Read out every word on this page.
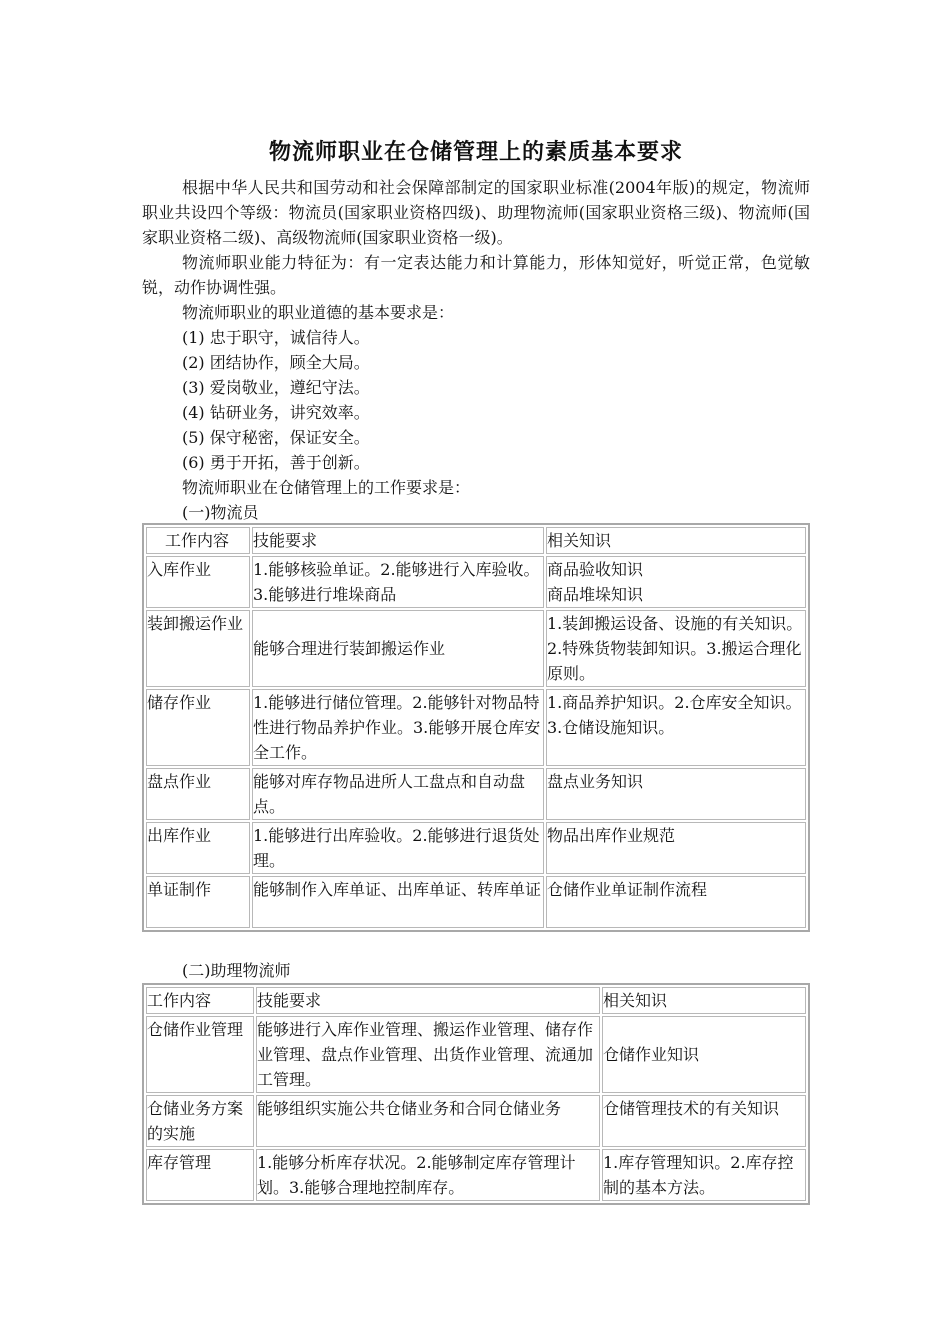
物流师职业在仓储管理上的素质基本要求

根据中华人民共和国劳动和社会保障部制定的国家职业标准(2004年版)的规定，物流师职业共设四个等级：物流员(国家职业资格四级)、助理物流师(国家职业资格三级)、物流师(国家职业资格二级)、高级物流师(国家职业资格一级)。

物流师职业能力特征为：有一定表达能力和计算能力，形体知觉好，听觉正常，色觉敏锐，动作协调性强。

物流师职业的职业道德的基本要求是：

(1) 忠于职守，诚信待人。

(2) 团结协作，顾全大局。

(3) 爱岗敬业，遵纪守法。

(4) 钻研业务，讲究效率。

(5) 保守秘密，保证安全。

(6) 勇于开拓，善于创新。

物流师职业在仓储管理上的工作要求是：

(一)物流员

工作内容	技能要求	相关知识
入库作业	1.能够核验单证。2.能够进行入库验收。3.能够进行堆垛商品	商品验收知识
商品堆垛知识
装卸搬运作业	能够合理进行装卸搬运作业	1.装卸搬运设备、设施的有关知识。2.特殊货物装卸知识。3.搬运合理化原则。
储存作业	1.能够进行储位管理。2.能够针对物品特性进行物品养护作业。3.能够开展仓库安全工作。	1.商品养护知识。2.仓库安全知识。3.仓储设施知识。
盘点作业	能够对库存物品进所人工盘点和自动盘点。	盘点业务知识
出库作业	1.能够进行出库验收。2.能够进行退货处理。	物品出库作业规范
单证制作	能够制作入库单证、出库单证、转库单证	仓储作业单证制作流程
(二)助理物流师
工作内容	技能要求	相关知识
仓储作业管理	能够进行入库作业管理、搬运作业管理、储存作业管理、盘点作业管理、出货作业管理、流通加工管理。	仓储作业知识
仓储业务方案的实施	能够组织实施公共仓储业务和合同仓储业务	仓储管理技术的有关知识
库存管理	1.能够分析库存状况。2.能够制定库存管理计划。3.能够合理地控制库存。	1.库存管理知识。2.库存控制的基本方法。
